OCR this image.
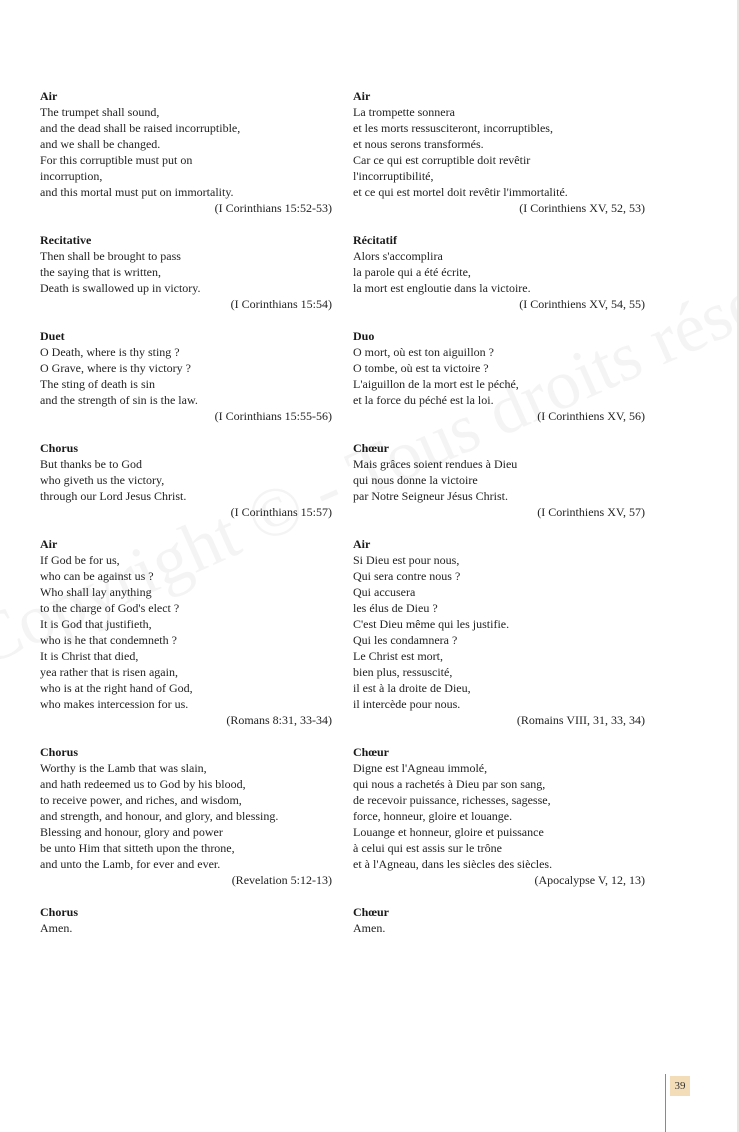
Air
The trumpet shall sound,
and the dead shall be raised incorruptible,
and we shall be changed.
For this corruptible must put on
incorruption,
and this mortal must put on immortality.
(I Corinthians 15:52-53)
Recitative
Then shall be brought to pass
the saying that is written,
Death is swallowed up in victory.
(I Corinthians 15:54)
Duet
O Death, where is thy sting ?
O Grave, where is thy victory ?
The sting of death is sin
and the strength of sin is the law.
(I Corinthians 15:55-56)
Chorus
But thanks be to God
who giveth us the victory,
through our Lord Jesus Christ.
(I Corinthians 15:57)
Air
If God be for us,
who can be against us ?
Who shall lay anything
to the charge of God's elect ?
It is God that justifieth,
who is he that condemneth ?
It is Christ that died,
yea rather that is risen again,
who is at the right hand of God,
who makes intercession for us.
(Romans 8:31, 33-34)
Chorus
Worthy is the Lamb that was slain,
and hath redeemed us to God by his blood,
to receive power, and riches, and wisdom,
and strength, and honour, and glory, and blessing.
Blessing and honour, glory and power
be unto Him that sitteth upon the throne,
and unto the Lamb, for ever and ever.
(Revelation 5:12-13)
Chorus
Amen.
Air
La trompette sonnera
et les morts ressusciteront, incorruptibles,
et nous serons transformés.
Car ce qui est corruptible doit revêtir
l'incorruptibilité,
et ce qui est mortel doit revêtir l'immortalité.
(I Corinthiens XV, 52, 53)
Récitatif
Alors s'accomplira
la parole qui a été écrite,
la mort est engloutie dans la victoire.
(I Corinthiens XV, 54, 55)
Duo
O mort, où est ton aiguillon ?
O tombe, où est ta victoire ?
L'aiguillon de la mort est le péché,
et la force du péché est la loi.
(I Corinthiens XV, 56)
Chœur
Mais grâces soient rendues à Dieu
qui nous donne la victoire
par Notre Seigneur Jésus Christ.
(I Corinthiens XV, 57)
Air
Si Dieu est pour nous,
Qui sera contre nous ?
Qui accusera
les élus de Dieu ?
C'est Dieu même qui les justifie.
Qui les condamnera ?
Le Christ est mort,
bien plus, ressuscité,
il est à la droite de Dieu,
il intercède pour nous.
(Romains VIII, 31, 33, 34)
Chœur
Digne est l'Agneau immolé,
qui nous a rachetés à Dieu par son sang,
de recevoir puissance, richesses, sagesse,
force, honneur, gloire et louange.
Louange et honneur, gloire et puissance
à celui qui est assis sur le trône
et à l'Agneau, dans les siècles des siècles.
(Apocalypse V, 12, 13)
Chœur
Amen.
39
